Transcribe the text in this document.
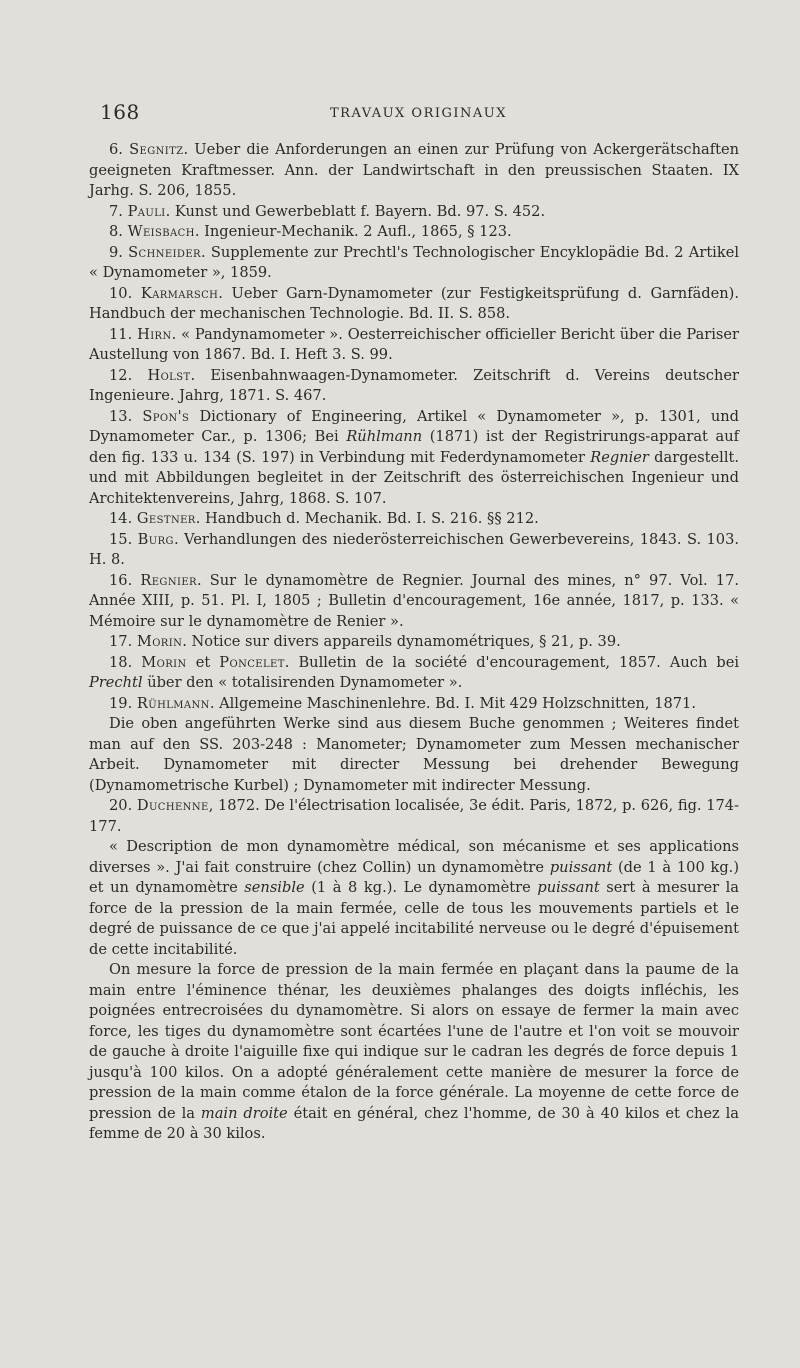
168	TRAVAUX ORIGINAUX

6. Segnitz. Ueber die Anforderungen an einen zur Prüfung von Ackergerätschaften geeigneten Kraftmesser. Ann. der Landwirtschaft in den preussischen Staaten. IX Jarhg. S. 206, 1855.

7. Pauli. Kunst und Gewerbeblatt f. Bayern. Bd. 97. S. 452.

8. Weisbach. Ingenieur-Mechanik. 2 Aufl., 1865, § 123.

9. Schneider. Supplemente zur Prechtl's Technologischer Encyklopädie Bd. 2 Artikel « Dynamometer », 1859.

10. Karmarsch. Ueber Garn-Dynamometer (zur Festigkeitsprüfung d. Garnfäden). Handbuch der mechanischen Technologie. Bd. II. S. 858.

11. Hirn. « Pandynamometer ». Oesterreichischer officieller Bericht über die Pariser Austellung von 1867. Bd. I. Heft 3. S. 99.

12. Holst. Eisenbahnwaagen-Dynamometer. Zeitschrift d. Vereins deutscher Ingenieure. Jahrg, 1871. S. 467.

13. Spon's Dictionary of Engineering, Artikel « Dynamometer », p. 1301, und Dynamometer Car., p. 1306; Bei Rühlmann (1871) ist der Registrirungs-apparat auf den fig. 133 u. 134 (S. 197) in Verbindung mit Federdynamometer Regnier dargestellt. und mit Abbildungen begleitet in der Zeitschrift des österreichischen Ingenieur und Architektenvereins, Jahrg, 1868. S. 107.

14. Gestner. Handbuch d. Mechanik. Bd. I. S. 216. §§ 212.

15. Burg. Verhandlungen des niederösterreichischen Gewerbevereins, 1843. S. 103. H. 8.

16. Regnier. Sur le dynamomètre de Regnier. Journal des mines, n° 97. Vol. 17. Année XIII, p. 51. Pl. I, 1805 ; Bulletin d'encouragement, 16e année, 1817, p. 133. « Mémoire sur le dynamomètre de Renier ».

17. Morin. Notice sur divers appareils dynamométriques, § 21, p. 39.

18. Morin et Poncelet. Bulletin de la société d'encouragement, 1857. Auch bei Prechtl über den « totalisirenden Dynamometer ».

19. Rühlmann. Allgemeine Maschinenlehre. Bd. I. Mit 429 Holzschnitten, 1871.

Die oben angeführten Werke sind aus diesem Buche genommen ; Weiteres findet man auf den SS. 203-248 : Manometer; Dynamometer zum Messen mechanischer Arbeit. Dynamometer mit directer Messung bei drehender Bewegung (Dynamometrische Kurbel) ; Dynamometer mit indirecter Messung.

20. Duchenne, 1872. De l'électrisation localisée, 3e édit. Paris, 1872, p. 626, fig. 174-177.

« Description de mon dynamomètre médical, son mécanisme et ses applications diverses ». J'ai fait construire (chez Collin) un dynamomètre puissant (de 1 à 100 kg.) et un dynamomètre sensible (1 à 8 kg.). Le dynamomètre puissant sert à mesurer la force de la pression de la main fermée, celle de tous les mouvements partiels et le degré de puissance de ce que j'ai appelé incitabilité nerveuse ou le degré d'épuisement de cette incitabilité.

On mesure la force de pression de la main fermée en plaçant dans la paume de la main entre l'éminence thénar, les deuxièmes phalanges des doigts infléchis, les poignées entrecroisées du dynamomètre. Si alors on essaye de fermer la main avec force, les tiges du dynamomètre sont écartées l'une de l'autre et l'on voit se mouvoir de gauche à droite l'aiguille fixe qui indique sur le cadran les degrés de force depuis 1 jusqu'à 100 kilos. On a adopté généralement cette manière de mesurer la force de pression de la main comme étalon de la force générale. La moyenne de cette force de pression de la main droite était en général, chez l'homme, de 30 à 40 kilos et chez la femme de 20 à 30 kilos.
